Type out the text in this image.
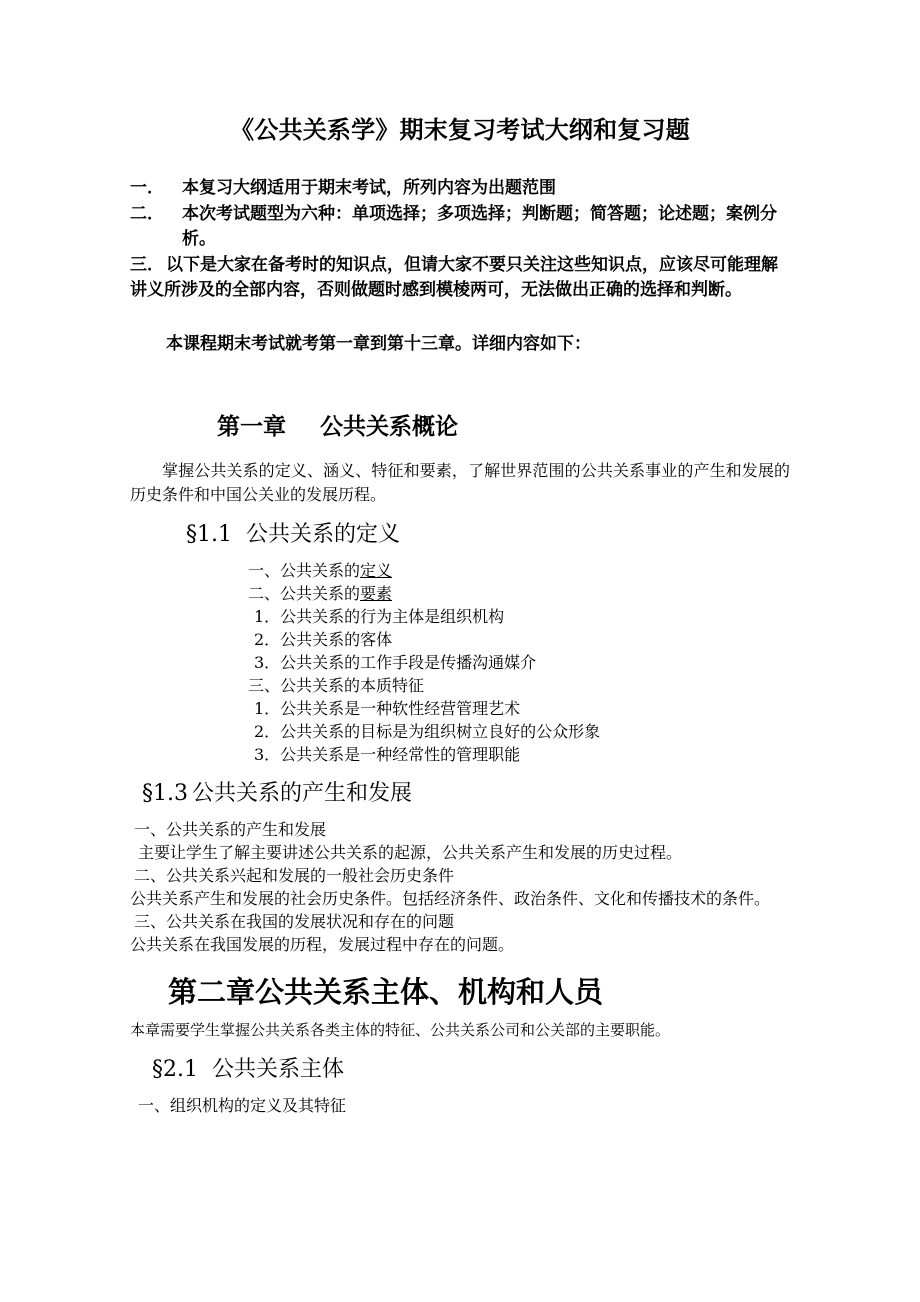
《公共关系学》期末复习考试大纲和复习题
一．	本复习大纲适用于期末考试，所列内容为出题范围
二．	本次考试题型为六种：单项选择；多项选择；判断题；简答题；论述题；案例分析。
三． 以下是大家在备考时的知识点，但请大家不要只关注这些知识点，应该尽可能理解讲义所涉及的全部内容，否则做题时感到模棱两可，无法做出正确的选择和判断。
本课程期末考试就考第一章到第十三章。详细内容如下：
第一章 公共关系概论

掌握公共关系的定义、涵义、特征和要素，了解世界范围的公共关系事业的产生和发展的历史条件和中国公关业的发展历程。

§1.1 公共关系的定义
一、公共关系的定义
二、公共关系的要素
1．公共关系的行为主体是组织机构
2．公共关系的客体
3．公共关系的工作手段是传播沟通媒介
三、公共关系的本质特征
1．公共关系是一种软性经营管理艺术
2．公共关系的目标是为组织树立良好的公众形象
3．公共关系是一种经常性的管理职能
§1.3 公共关系的产生和发展
一、公共关系的产生和发展
主要让学生了解主要讲述公共关系的起源，公共关系产生和发展的历史过程。
二、公共关系兴起和发展的一般社会历史条件
公共关系产生和发展的社会历史条件。包括经济条件、政治条件、文化和传播技术的条件。
三、公共关系在我国的发展状况和存在的问题
公共关系在我国发展的历程，发展过程中存在的问题。
第二章公共关系主体、机构和人员

本章需要学生掌握公共关系各类主体的特征、公共关系公司和公关部的主要职能。

§2.1 公共关系主体
一、组织机构的定义及其特征
